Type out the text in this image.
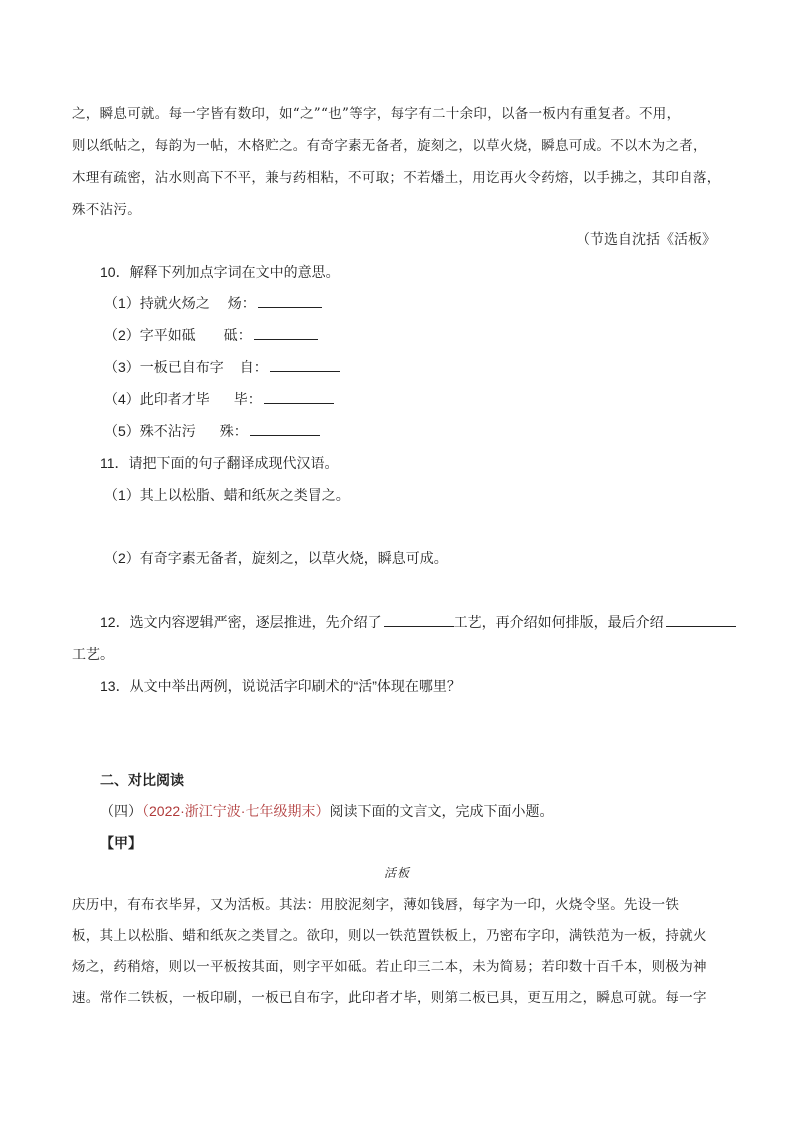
之，瞬息可就。每一字皆有数印，如“之”“也”等字，每字有二十余印，以备一板内有重复者。不用，

则以纸帖之，每韵为一帖，木格贮之。有奇字素无备者，旋刻之，以草火烧，瞬息可成。不以木为之者，

木理有疏密，沾水则高下不平，兼与药相粘，不可取；不若燔土，用讫再火令药熔，以手拂之，其印自落，

殊不沾污。

（节选自沈括《活板》
10．解释下列加点字词在文中的意思。
（1）持就火炀之 炀：
（2）字平如砥 砥：
（3）一板已自布字 自：
（4）此印者才毕 毕：
（5）殊不沾污 殊：
11．请把下面的句子翻译成现代汉语。
（1）其上以松脂、蜡和纸灰之类冒之。
（2）有奇字素无备者，旋刻之，以草火烧，瞬息可成。
12．选文内容逻辑严密，逐层推进，先介绍了	工艺，再介绍如何排版，最后介绍
工艺。
13．从文中举出两例，说说活字印刷术的“活”体现在哪里？
二、对比阅读
（四）（2022·浙江宁波·七年级期末）阅读下面的文言文，完成下面小题。
【甲】
活板
庆历中，有布衣毕昇，又为活板。其法：用胶泥刻字，薄如钱唇，每字为一印，火烧令坚。先设一铁
板，其上以松脂、蜡和纸灰之类冒之。欲印，则以一铁范置铁板上，乃密布字印，满铁范为一板，持就火
炀之，药稍熔，则以一平板按其面，则字平如砥。若止印三二本，未为简易；若印数十百千本，则极为神
速。常作二铁板，一板印刷，一板已自布字，此印者才毕，则第二板已具，更互用之，瞬息可就。每一字
